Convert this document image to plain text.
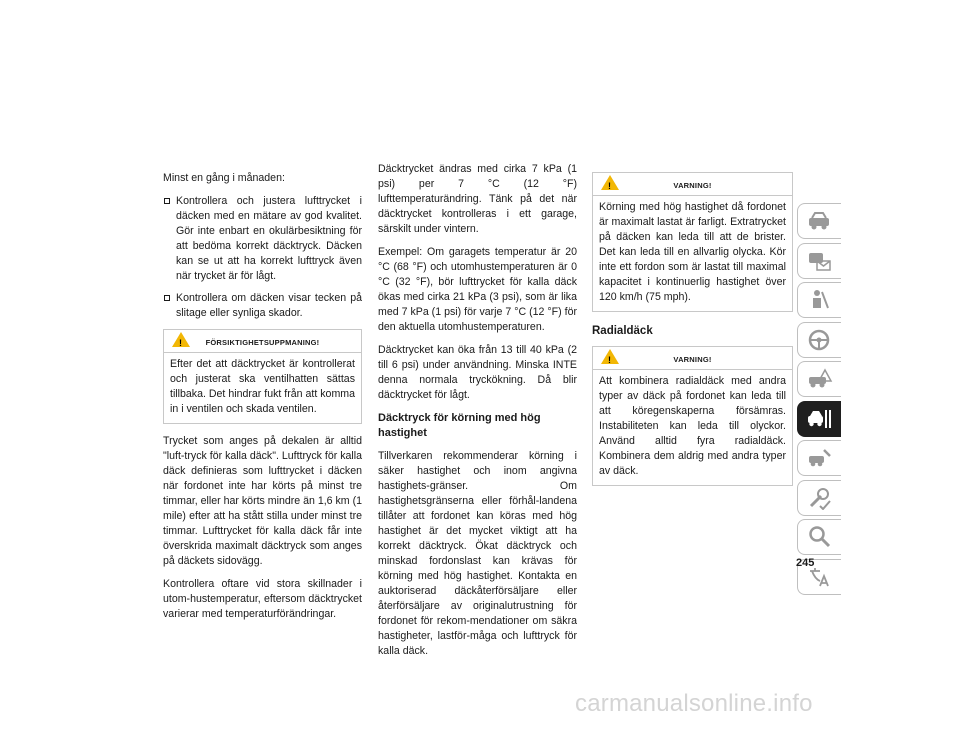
Minst en gång i månaden:

Kontrollera och justera lufttrycket i däcken med en mätare av god kvalitet. Gör inte enbart en okulärbesiktning för att bedöma korrekt däcktryck. Däcken kan se ut att ha korrekt lufttryck även när trycket är för lågt.
Kontrollera om däcken visar tecken på slitage eller synliga skador.
!
FÖRSIKTIGHETSUPPMANING!
Efter det att däcktrycket är kontrollerat och justerat ska ventilhatten sättas tillbaka. Det hindrar fukt från att komma in i ventilen och skada ventilen.

Trycket som anges på dekalen är alltid "luft-tryck för kalla däck". Lufttryck för kalla däck definieras som lufttrycket i däcken när fordonet inte har körts på minst tre timmar, eller har körts mindre än 1,6 km (1 mile) efter att ha stått stilla under minst tre timmar. Lufttrycket för kalla däck får inte överskrida maximalt däcktryck som anges på däckets sidovägg.

Kontrollera oftare vid stora skillnader i utom-hustemperatur, eftersom däcktrycket varierar med temperaturförändringar.

Däcktrycket ändras med cirka 7 kPa (1 psi) per 7 °C (12 °F) lufttemperaturändring. Tänk på det när däcktrycket kontrolleras i ett garage, särskilt under vintern.

Exempel: Om garagets temperatur är 20 °C (68 °F) och utomhustemperaturen är 0 °C (32 °F), bör lufttrycket för kalla däck ökas med cirka 21 kPa (3 psi), som är lika med 7 kPa (1 psi) för varje 7 °C (12 °F) för den aktuella utomhustemperaturen.

Däcktrycket kan öka från 13 till 40 kPa (2 till 6 psi) under användning. Minska INTE denna normala tryckökning. Då blir däcktrycket för lågt.

Däcktryck för körning med hög hastighet

Tillverkaren rekommenderar körning i säker hastighet och inom angivna hastighets-gränser. Om hastighetsgränserna eller förhål-landena tillåter att fordonet kan köras med hög hastighet är det mycket viktigt att ha korrekt däcktryck. Ökat däcktryck och minskad fordonslast kan krävas för körning med hög hastighet. Kontakta en auktoriserad däckåterförsäljare eller återförsäljare av originalutrustning för fordonet för rekom-mendationer om säkra hastigheter, lastför-måga och lufttryck för kalla däck.

!
VARNING!
Körning med hög hastighet då fordonet är maximalt lastat är farligt. Extratrycket på däcken kan leda till att de brister. Det kan leda till en allvarlig olycka. Kör inte ett fordon som är lastat till maximal kapacitet i kontinuerlig hastighet över 120 km/h (75 mph).
Radialdäck
!
VARNING!
Att kombinera radialdäck med andra typer av däck på fordonet kan leda till att köregenskaperna försämras. Instabiliteten kan leda till olyckor. Använd alltid fyra radialdäck. Kombinera dem aldrig med andra typer av däck.
245
carmanualsonline.info
